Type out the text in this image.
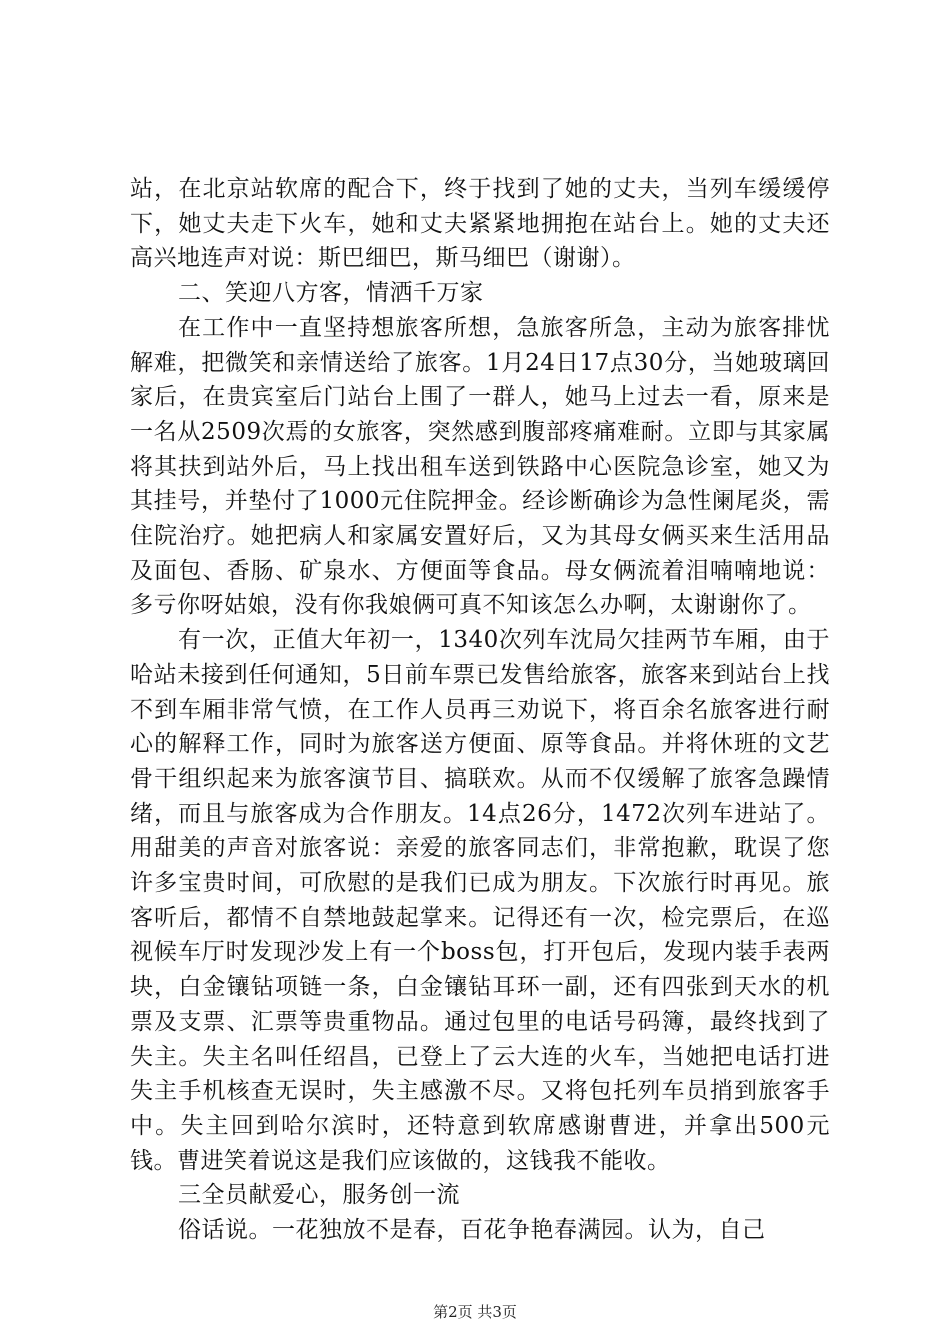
站，在北京站软席的配合下，终于找到了她的丈夫，当列车缓缓停下，她丈夫走下火车，她和丈夫紧紧地拥抱在站台上。她的丈夫还高兴地连声对说：斯巴细巴，斯马细巴（谢谢）。

二、笑迎八方客，情洒千万家

在工作中一直坚持想旅客所想，急旅客所急，主动为旅客排忧解难，把微笑和亲情送给了旅客。1月24日17点30分，当她玻璃回家后，在贵宾室后门站台上围了一群人，她马上过去一看，原来是一名从2509次焉的女旅客，突然感到腹部疼痛难耐。立即与其家属将其扶到站外后，马上找出租车送到铁路中心医院急诊室，她又为其挂号，并垫付了1000元住院押金。经诊断确诊为急性阑尾炎，需住院治疗。她把病人和家属安置好后，又为其母女俩买来生活用品及面包、香肠、矿泉水、方便面等食品。母女俩流着泪喃喃地说：多亏你呀姑娘，没有你我娘俩可真不知该怎么办啊，太谢谢你了。

有一次，正值大年初一，1340次列车沈局欠挂两节车厢，由于哈站未接到任何通知，5日前车票已发售给旅客，旅客来到站台上找不到车厢非常气愤，在工作人员再三劝说下，将百余名旅客进行耐心的解释工作，同时为旅客送方便面、原等食品。并将休班的文艺骨干组织起来为旅客演节目、搞联欢。从而不仅缓解了旅客急躁情绪，而且与旅客成为合作朋友。14点26分，1472次列车进站了。用甜美的声音对旅客说：亲爱的旅客同志们，非常抱歉，耽误了您许多宝贵时间，可欣慰的是我们已成为朋友。下次旅行时再见。旅客听后，都情不自禁地鼓起掌来。记得还有一次，检完票后，在巡视候车厅时发现沙发上有一个boss包，打开包后，发现内装手表两块，白金镶钻项链一条，白金镶钻耳环一副，还有四张到天水的机票及支票、汇票等贵重物品。通过包里的电话号码簿，最终找到了失主。失主名叫任绍昌，已登上了云大连的火车，当她把电话打进失主手机核查无误时，失主感激不尽。又将包托列车员捎到旅客手中。失主回到哈尔滨时，还特意到软席感谢曹进，并拿出500元钱。曹进笑着说这是我们应该做的，这钱我不能收。

三全员献爱心，服务创一流

俗话说。一花独放不是春，百花争艳春满园。认为，自己

第2页 共3页
